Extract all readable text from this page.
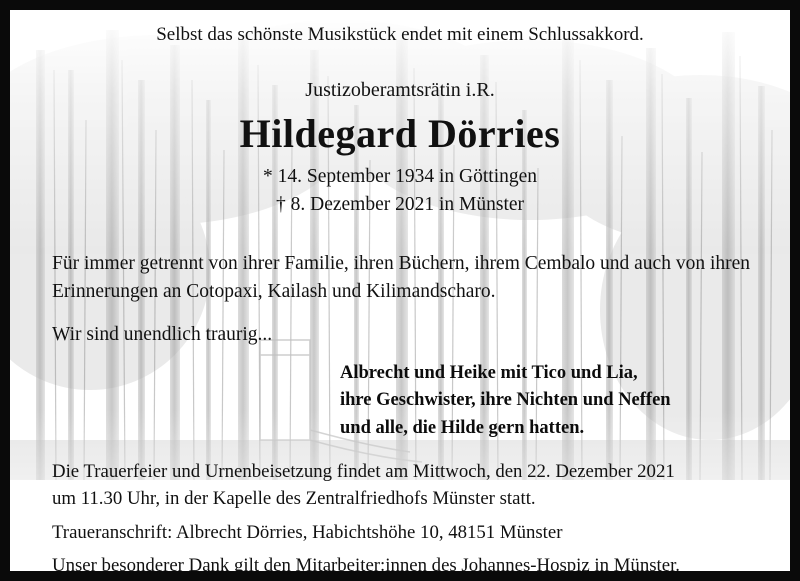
Selbst das schönste Musikstück endet mit einem Schlussakkord.
Justizoberamtsrätin i.R.
Hildegard Dörries
* 14. September 1934 in Göttingen
† 8. Dezember 2021 in Münster

Für immer getrennt von ihrer Familie, ihren Büchern, ihrem Cembalo und auch von ihren Erinnerungen an Cotopaxi, Kailash und Kilimandscharo.

Wir sind unendlich traurig...

Albrecht und Heike mit Tico und Lia,
ihre Geschwister, ihre Nichten und Neffen
und alle, die Hilde gern hatten.

Die Trauerfeier und Urnenbeisetzung findet am Mittwoch, den 22. Dezember 2021

um 11.30 Uhr, in der Kapelle des Zentralfriedhofs Münster statt.

Traueranschrift: Albrecht Dörries, Habichtshöhe 10, 48151 Münster

Unser besonderer Dank gilt den Mitarbeiter:innen des Johannes-Hospiz in Münster.
